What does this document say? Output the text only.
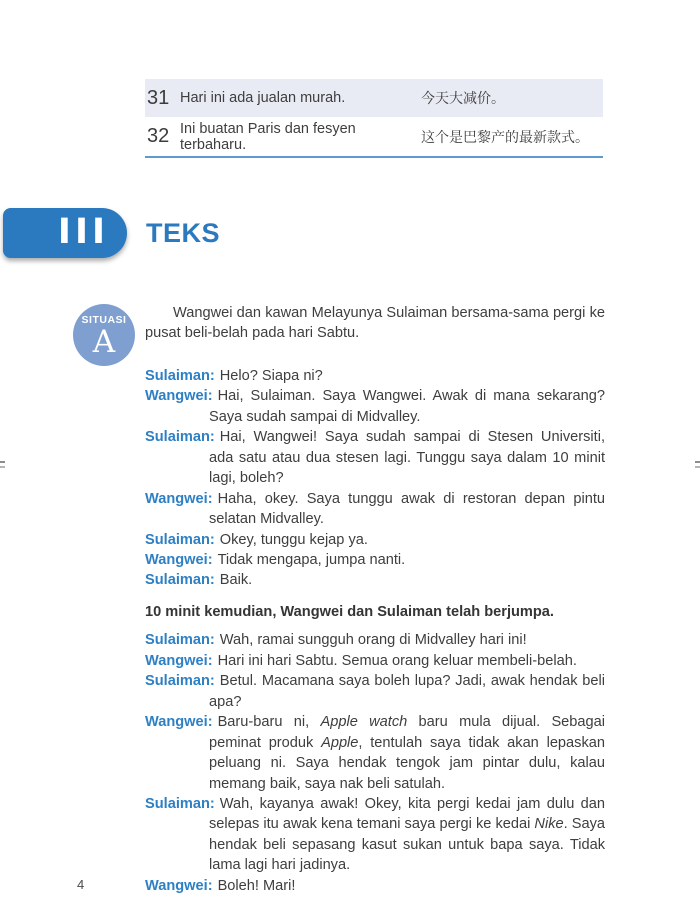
31 Hari ini ada jualan murah.	今天大减价。
32 Ini buatan Paris dan fesyen terbaharu.	这个是巴黎产的最新款式。
III TEKS
SITUASI
A

Wangwei dan kawan Melayunya Sulaiman bersama-sama pergi ke pusat beli-belah pada hari Sabtu.

Sulaiman: Helo? Siapa ni?
Wangwei: Hai, Sulaiman. Saya Wangwei. Awak di mana sekarang? Saya sudah sampai di Midvalley.
Sulaiman: Hai, Wangwei! Saya sudah sampai di Stesen Universiti, ada satu atau dua stesen lagi. Tunggu saya dalam 10 minit lagi, boleh?
Wangwei: Haha, okey. Saya tunggu awak di restoran depan pintu selatan Midvalley.
Sulaiman: Okey, tunggu kejap ya.
Wangwei: Tidak mengapa, jumpa nanti.
Sulaiman: Baik.
10 minit kemudian, Wangwei dan Sulaiman telah berjumpa.
Sulaiman: Wah, ramai sungguh orang di Midvalley hari ini!
Wangwei: Hari ini hari Sabtu. Semua orang keluar membeli-belah.
Sulaiman: Betul. Macamana saya boleh lupa? Jadi, awak hendak beli apa?
Wangwei: Baru-baru ni, Apple watch baru mula dijual. Sebagai peminat produk Apple, tentulah saya tidak akan lepaskan peluang ni. Saya hendak tengok jam pintar dulu, kalau memang baik, saya nak beli satulah.
Sulaiman: Wah, kayanya awak! Okey, kita pergi kedai jam dulu dan selepas itu awak kena temani saya pergi ke kedai Nike. Saya hendak beli sepasang kasut sukan untuk bapa saya. Tidak lama lagi hari jadinya.
Wangwei: Boleh! Mari!
4
